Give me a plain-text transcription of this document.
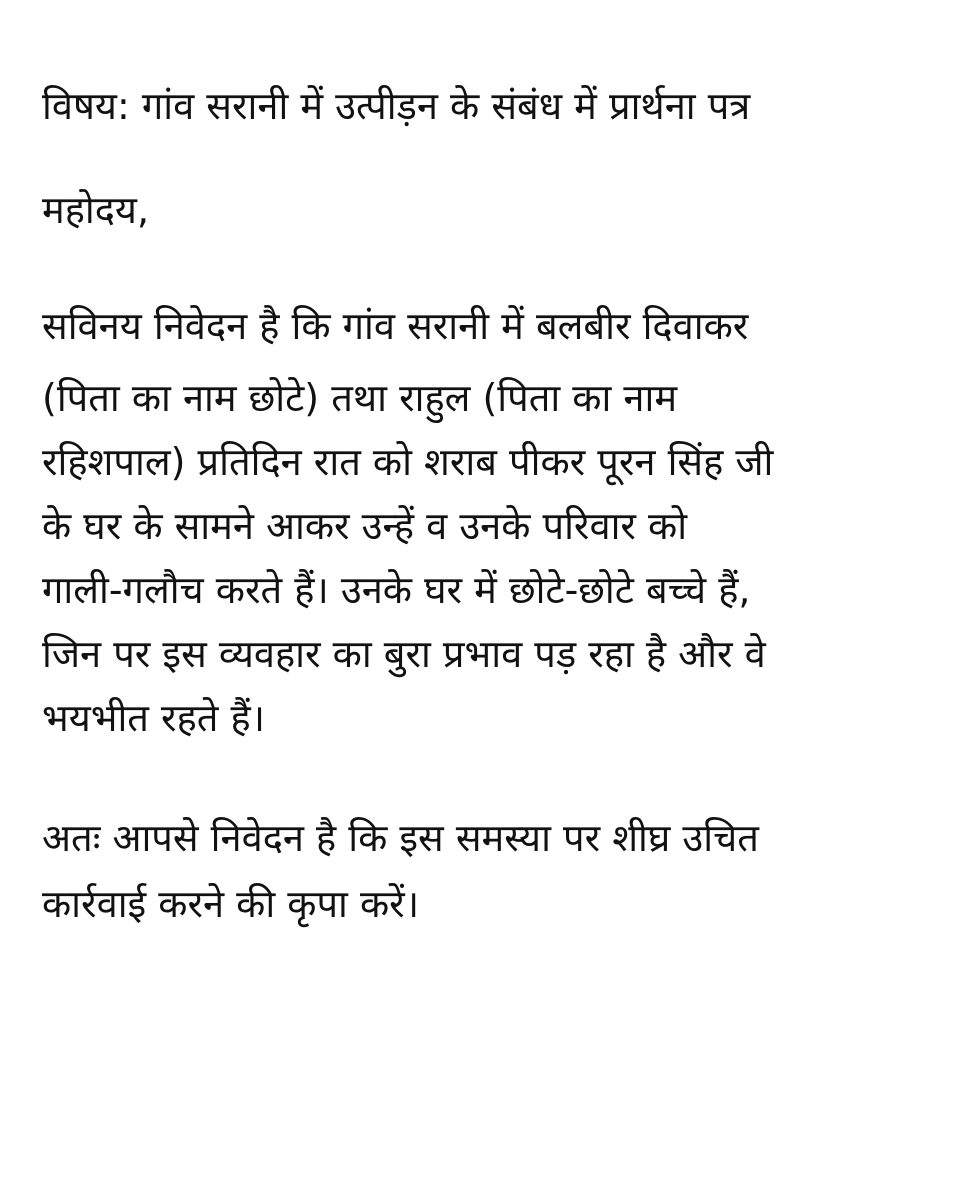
विषय: गांव सरानी में उत्पीड़न के संबंध में प्रार्थना पत्र
महोदय,
सविनय निवेदन है कि गांव सरानी में बलबीर दिवाकर
(पिता का नाम छोटे) तथा राहुल (पिता का नाम
रहिशपाल) प्रतिदिन रात को शराब पीकर पूरन सिंह जी
के घर के सामने आकर उन्हें व उनके परिवार को
गाली-गलौच करते हैं। उनके घर में छोटे-छोटे बच्चे हैं,
जिन पर इस व्यवहार का बुरा प्रभाव पड़ रहा है और वे
भयभीत रहते हैं।
अतः आपसे निवेदन है कि इस समस्या पर शीघ्र उचित
कार्रवाई करने की कृपा करें।
